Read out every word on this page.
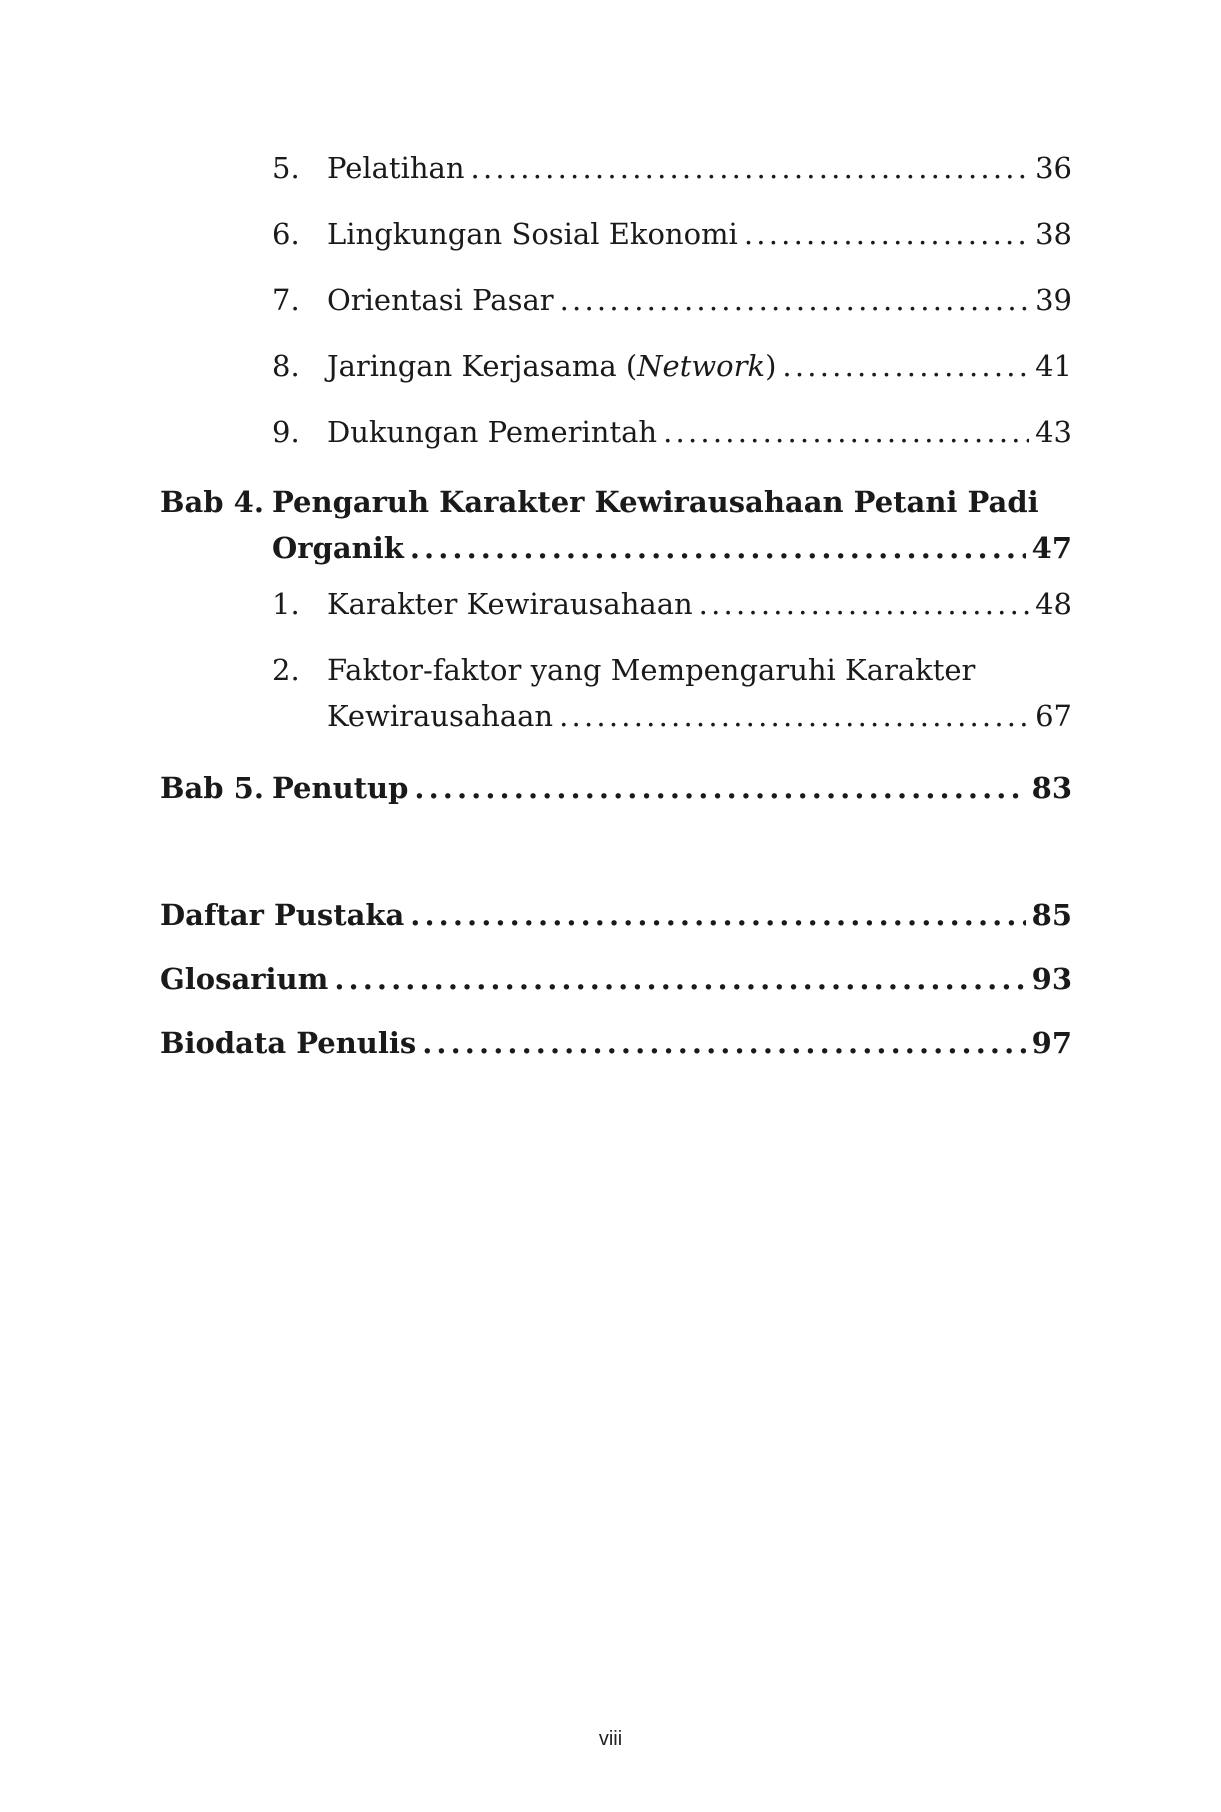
5. Pelatihan . . .	36
6. Lingkungan Sosial Ekonomi . . .	38
7. Orientasi Pasar . . .	39
8. Jaringan Kerjasama (Network) . . .	41
9. Dukungan Pemerintah . . .	43
Bab 4. Pengaruh Karakter Kewirausahaan Petani Padi
Organik . . .	47
1. Karakter Kewirausahaan . . .	48
2. Faktor-faktor yang Mempengaruhi Karakter
Kewirausahaan . . .	67
Bab 5. Penutup . . .	83
Daftar Pustaka . . .	85
Glosarium . . .	93
Biodata Penulis . . .	97
viii
